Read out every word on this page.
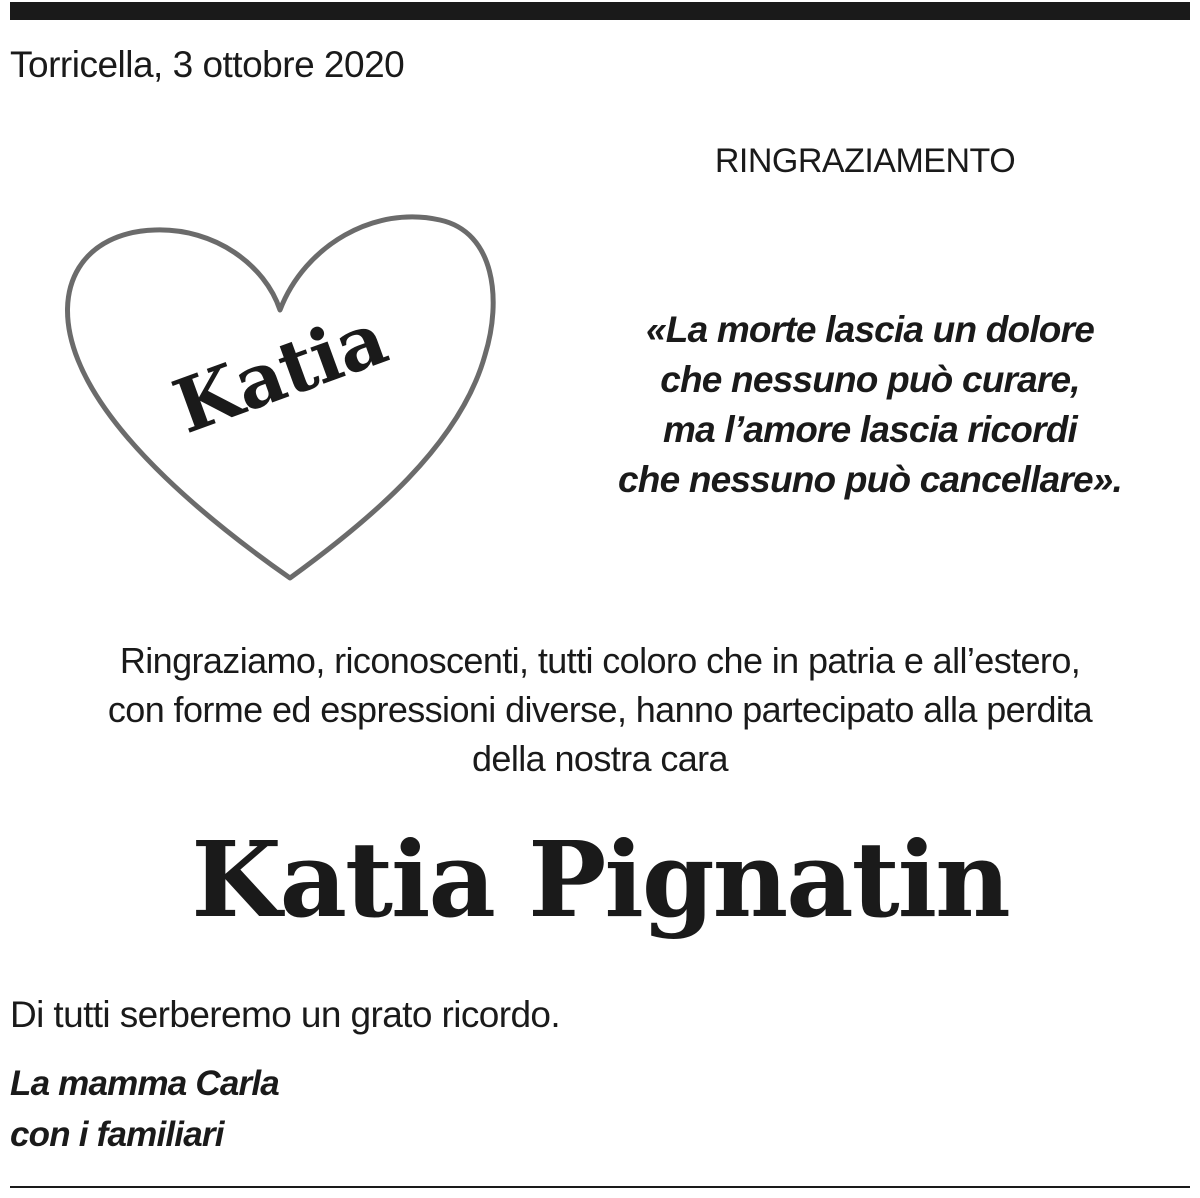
Torricella, 3 ottobre 2020
RINGRAZIAMENTO
Katia	«La morte lascia un dolore
che nessuno può curare,
ma l’amore lascia ricordi
che nessuno può cancellare».
Ringraziamo, riconoscenti, tutti coloro che in patria e all’estero,
con forme ed espressioni diverse, hanno partecipato alla perdita
della nostra cara
Katia Pignatin
Di tutti serberemo un grato ricordo.
La mamma Carla
con i familiari
